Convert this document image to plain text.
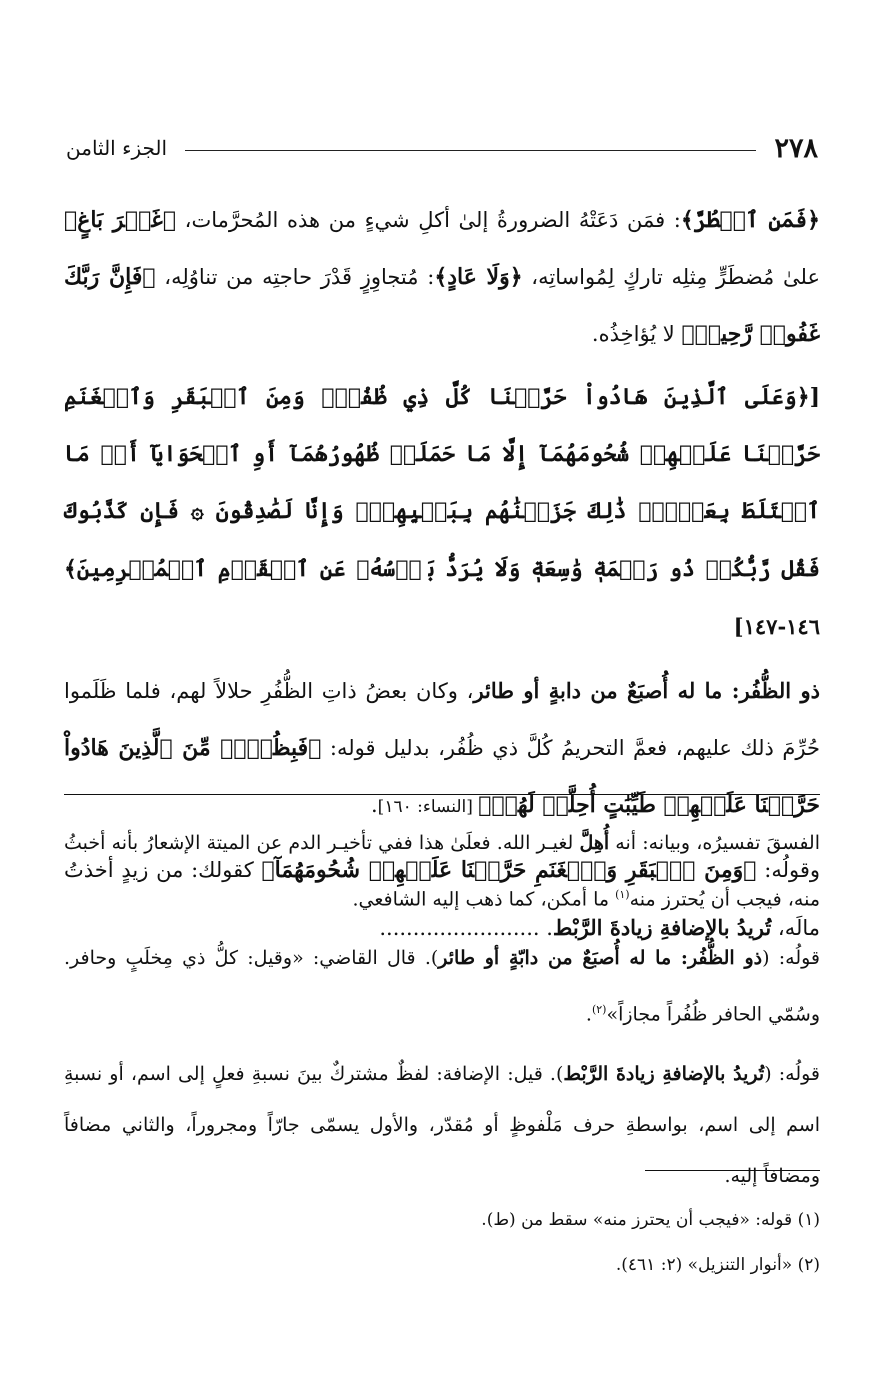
٢٧٨
الجزء الثامن

﴿فَمَنِ ٱضۡطُرَّ﴾: فمَن دَعَتْهُ الضرورةُ إلىٰ أكلِ شيءٍ من هذه المُحرَّمات، ﴿غَيۡرَ بَاغٍ﴾ علىٰ مُضطَرٍّ مِثلِه تاركٍ لِمُواساتِه، ﴿وَلَا عَادٍ﴾: مُتجاوِزٍ قَدْرَ حاجتِه من تناوُلِه، ﴿فَإِنَّ رَبَّكَ غَفُورٞ رَّحِيمٞ﴾ لا يُؤاخِذُه.

[﴿وَعَلَى ٱلَّذِينَ هَادُواْ حَرَّمۡنَا كُلَّ ذِي ظُفُرٖۖ وَمِنَ ٱلۡبَقَرِ وَٱلۡغَنَمِ حَرَّمۡنَا عَلَيۡهِمۡ شُحُومَهُمَآ إِلَّا مَا حَمَلَتۡ ظُهُورُهُمَآ أَوِ ٱلۡحَوَايَآ أَوۡ مَا ٱخۡتَلَطَ بِعَظۡمٖۚ ذَٰلِكَ جَزَيۡنَٰهُم بِبَغۡيِهِمۡۖ وَإِنَّا لَصَٰدِقُونَ ۞ فَإِن كَذَّبُوكَ فَقُل رَّبُّكُمۡ ذُو رَحۡمَةٖ وَٰسِعَةٖ وَلَا يُرَدُّ بَأۡسُهُۥ عَنِ ٱلۡقَوۡمِ ٱلۡمُجۡرِمِينَ﴾ ١٤٦-١٤٧]

ذو الظُّفُر: ما له أُصبَعٌ من دابةٍ أو طائر، وكان بعضُ ذاتِ الظُّفُرِ حلالاً لهم، فلما ظَلَموا حُرِّمَ ذلك عليهم، فعمَّ التحريمُ كُلَّ ذي ظُفُر، بدليل قوله: ﴿فَبِظُلۡمٖ مِّنَ ٱلَّذِينَ هَادُواْ حَرَّمۡنَا عَلَيۡهِمۡ طَيِّبَٰتٍ أُحِلَّتۡ لَهُمۡ﴾ [النساء: ١٦٠].

وقولُه: ﴿وَمِنَ ٱلۡبَقَرِ وَٱلۡغَنَمِ حَرَّمۡنَا عَلَيۡهِمۡ شُحُومَهُمَآ﴾ كقولك: من زيدٍ أخذتُ مالَه، تُريدُ بالإضافةِ زيادةَ الرَّبْط. ........................

الفسقَ تفسيرُه، وبيانه: أنه أُهِلَّ لغيـر الله. فعلَىٰ هذا ففي تأخيـر الدم عن الميتة الإشعارُ بأنه أخبثُ منه، فيجب أن يُحترز منه$^{(١)}$ ما أمكن، كما ذهب إليه الشافعي.

قولُه: (ذو الظُّفُر: ما له أُصبَعٌ من دابّةٍ أو طائر). قال القاضي: «وقيل: كلُّ ذي مِخلَبٍ وحافر. وسُمّي الحافر ظُفُراً مجازاً»$^{(٢)}$.

قولُه: (تُريدُ بالإضافةِ زيادةَ الرَّبْط). قيل: الإضافة: لفظٌ مشتركٌ بينَ نسبةِ فعلٍ إلى اسم، أو نسبةِ اسم إلى اسم، بواسطةِ حرف مَلْفوظٍ أو مُقدّر، والأول يسمّى جارّاً ومجروراً، والثاني مضافاً ومضافاً إليه.

(١) قوله: «فيجب أن يحترز منه» سقط من (ط).
(٢) «أنوار التنزيل» (٢: ٤٦١).
